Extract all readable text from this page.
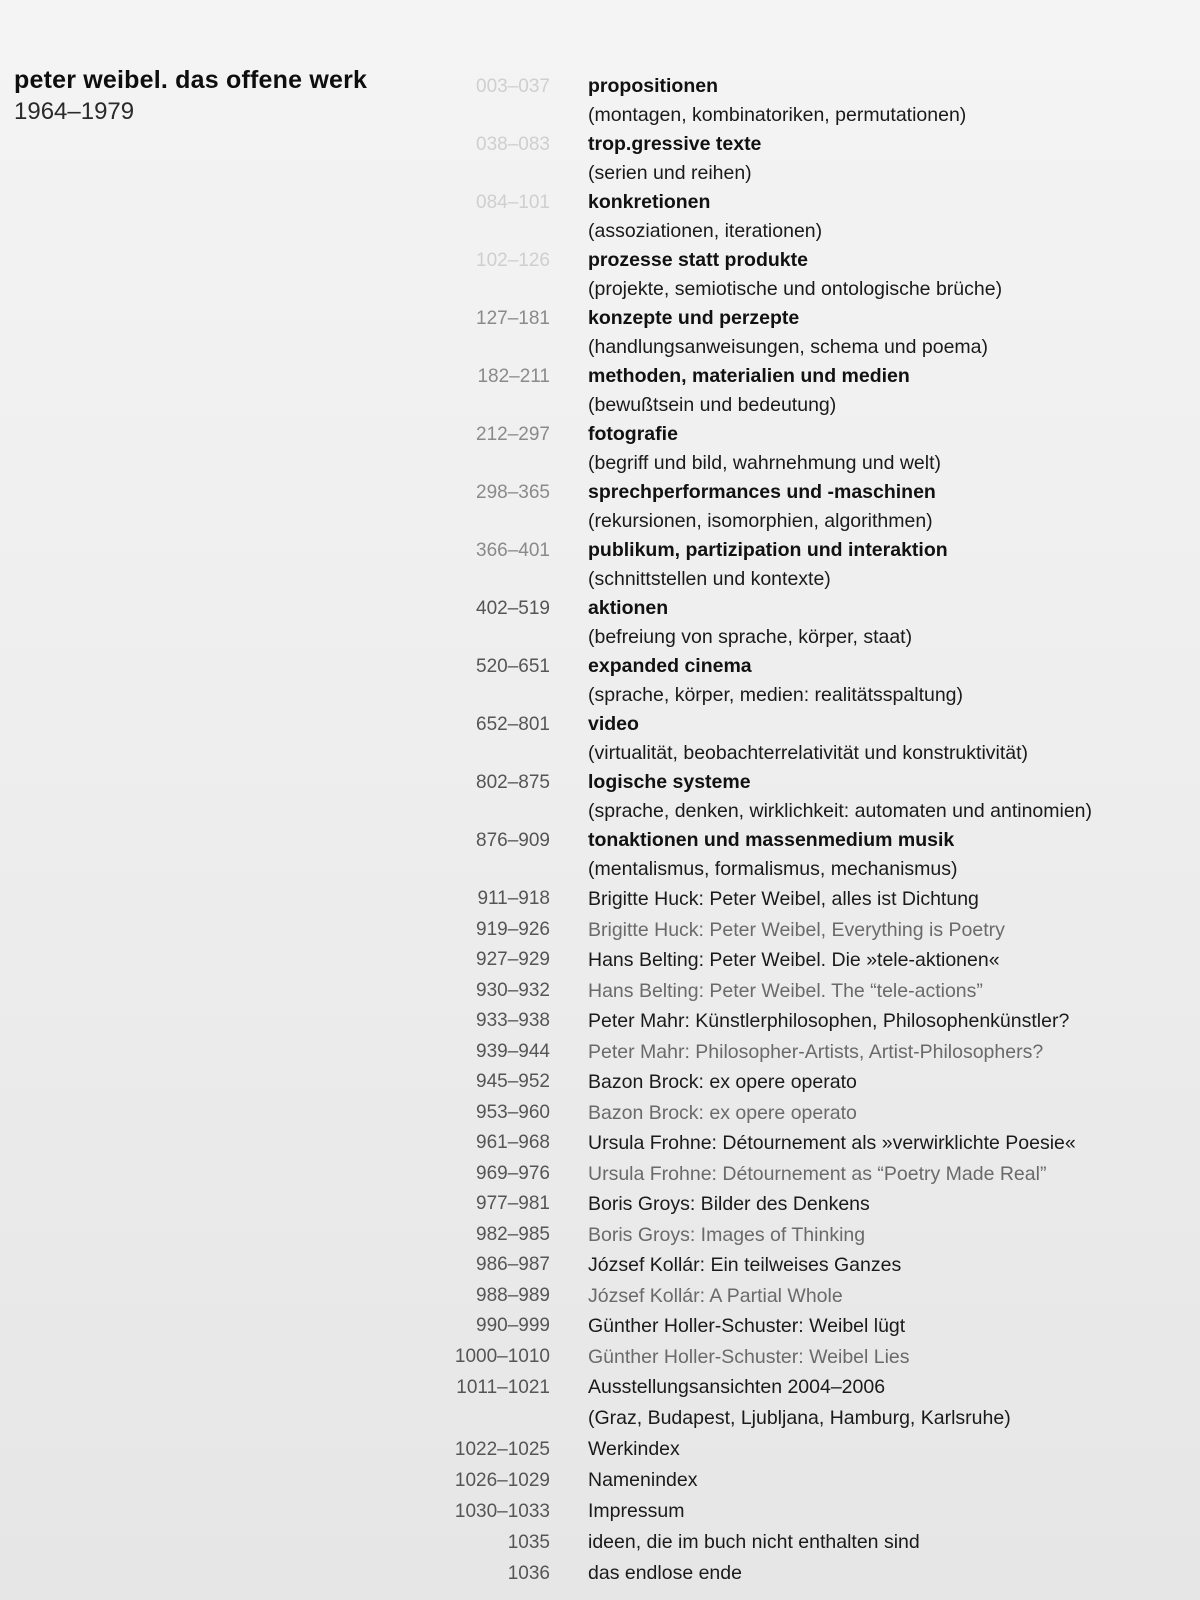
peter weibel. das offene werk

1964–1979

003–037	propositionen
(montagen, kombinatoriken, permutationen)
038–083	trop.gressive texte
(serien und reihen)
084–101	konkretionen
(assoziationen, iterationen)
102–126	prozesse statt produkte
(projekte, semiotische und ontologische brüche)
127–181	konzepte und perzepte
(handlungsanweisungen, schema und poema)
182–211	methoden, materialien und medien
(bewußtsein und bedeutung)
212–297	fotografie
(begriff und bild, wahrnehmung und welt)
298–365	sprechperformances und -maschinen
(rekursionen, isomorphien, algorithmen)
366–401	publikum, partizipation und interaktion
(schnittstellen und kontexte)
402–519	aktionen
(befreiung von sprache, körper, staat)
520–651	expanded cinema
(sprache, körper, medien: realitätsspaltung)
652–801	video
(virtualität, beobachterrelativität und konstruktivität)
802–875	logische systeme
(sprache, denken, wirklichkeit: automaten und antinomien)
876–909	tonaktionen und massenmedium musik
(mentalismus, formalismus, mechanismus)
911–918	Brigitte Huck: Peter Weibel, alles ist Dichtung
919–926	Brigitte Huck: Peter Weibel, Everything is Poetry
927–929	Hans Belting: Peter Weibel. Die »tele-aktionen«
930–932	Hans Belting: Peter Weibel. The “tele-actions”
933–938	Peter Mahr: Künstlerphilosophen, Philosophenkünstler?
939–944	Peter Mahr: Philosopher-Artists, Artist-Philosophers?
945–952	Bazon Brock: ex opere operato
953–960	Bazon Brock: ex opere operato
961–968	Ursula Frohne: Détournement als »verwirklichte Poesie«
969–976	Ursula Frohne: Détournement as “Poetry Made Real”
977–981	Boris Groys: Bilder des Denkens
982–985	Boris Groys: Images of Thinking
986–987	József Kollár: Ein teilweises Ganzes
988–989	József Kollár: A Partial Whole
990–999	Günther Holler-Schuster: Weibel lügt
1000–1010	Günther Holler-Schuster: Weibel Lies
1011–1021	Ausstellungsansichten 2004–2006
(Graz, Budapest, Ljubljana, Hamburg, Karlsruhe)
1022–1025	Werkindex
1026–1029	Namenindex
1030–1033	Impressum
1035	ideen, die im buch nicht enthalten sind
1036	das endlose ende
